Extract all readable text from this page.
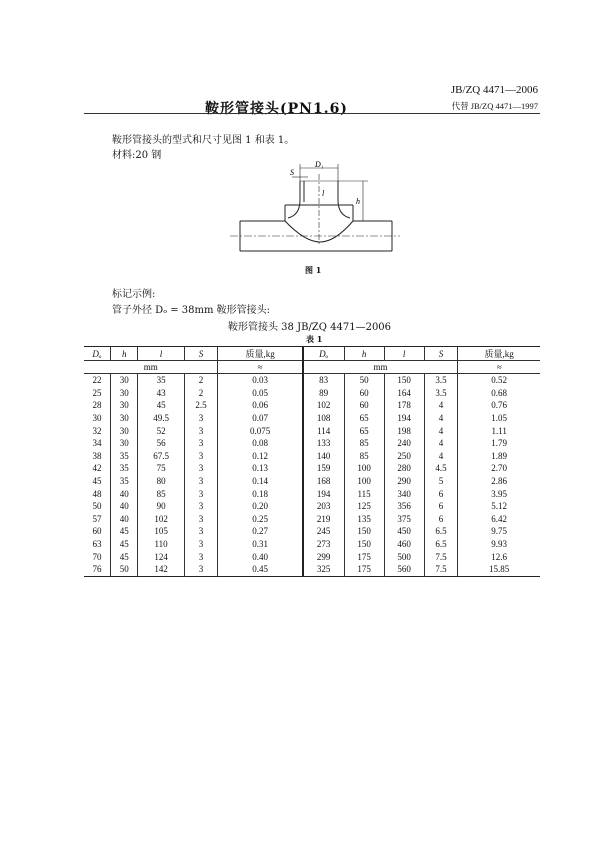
JB/ZQ 4471—2006
代替 JB/ZQ 4471—1997
鞍形管接头(PN1.6)
鞍形管接头的型式和尺寸见图 1 和表 1。
材料:20 钢
D₁
S
l
h
图 1
标记示例:
管子外径 Dₒ = 38mm 鞍形管接头:
鞍形管接头 38 JB/ZQ 4471—2006
表 1
Dₒ	h	l	S	质量,kg	Dₒ	h	l	S	质量,kg
mm				≈	mm				≈
22	30	35	2	0.03	83	50	150	3.5	0.52
25	30	43	2	0.05	89	60	164	3.5	0.68
28	30	45	2.5	0.06	102	60	178	4	0.76
30	30	49.5	3	0.07	108	65	194	4	1.05
32	30	52	3	0.075	114	65	198	4	1.11
34	30	56	3	0.08	133	85	240	4	1.79
38	35	67.5	3	0.12	140	85	250	4	1.89
42	35	75	3	0.13	159	100	280	4.5	2.70
45	35	80	3	0.14	168	100	290	5	2.86
48	40	85	3	0.18	194	115	340	6	3.95
50	40	90	3	0.20	203	125	356	6	5.12
57	40	102	3	0.25	219	135	375	6	6.42
60	45	105	3	0.27	245	150	450	6.5	9.75
63	45	110	3	0.31	273	150	460	6.5	9.93
70	45	124	3	0.40	299	175	500	7.5	12.6
76	50	142	3	0.45	325	175	560	7.5	15.85
